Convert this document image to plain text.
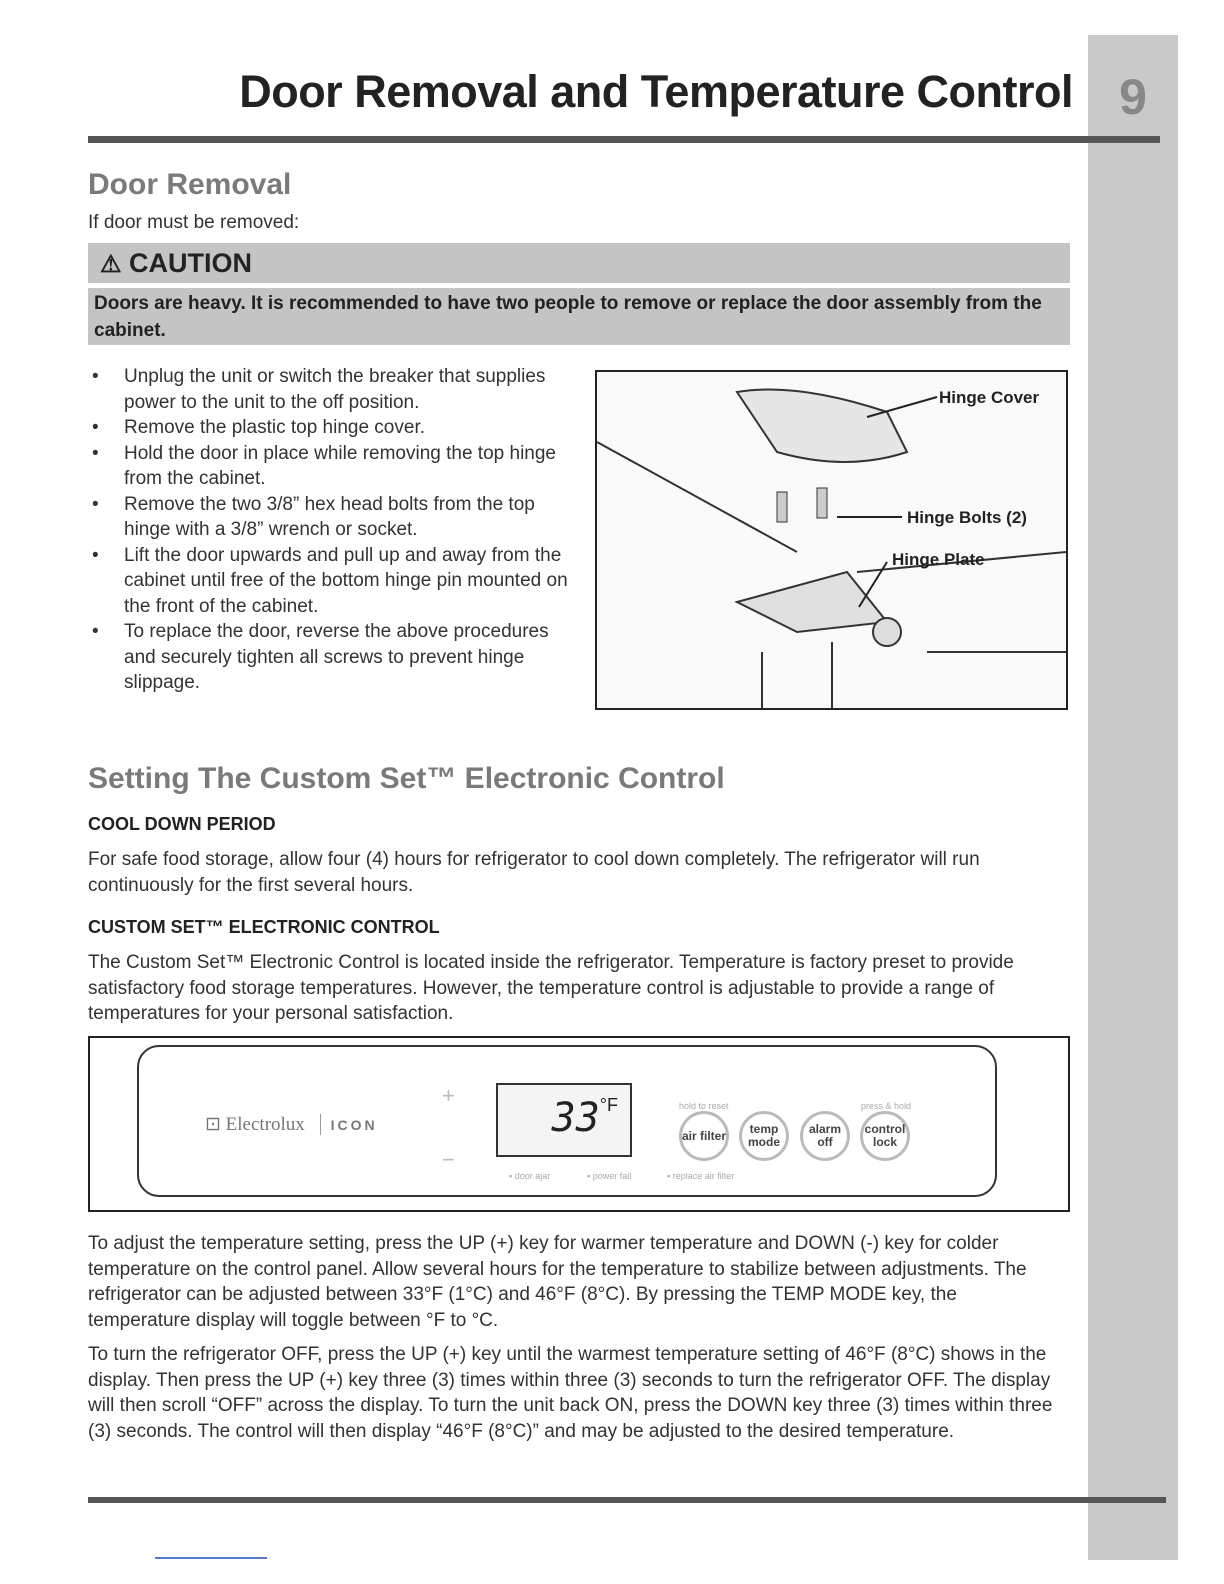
9
Door Removal and Temperature Control
Door Removal
If door must be removed:
⚠ CAUTION
Doors are heavy. It is recommended to have two people to remove or replace the door assembly from the cabinet.
• Unplug the unit or switch the breaker that supplies power to the unit to the off position.
• Remove the plastic top hinge cover.
• Hold the door in place while removing the top hinge from the cabinet.
• Remove the two 3/8” hex head bolts from the top hinge with a 3/8” wrench or socket.
• Lift the door upwards and pull up and away from the cabinet until free of the bottom hinge pin mounted on the front of the cabinet.
• To replace the door, reverse the above procedures and securely tighten all screws to prevent hinge slippage.
Hinge Cover
Hinge Bolts (2)
Hinge Plate
Setting The Custom Set™ Electronic Control
COOL DOWN PERIOD
For safe food storage, allow four (4) hours for refrigerator to cool down completely. The refrigerator will run continuously for the first several hours.
CUSTOM SET™ ELECTRONIC CONTROL
The Custom Set™ Electronic Control is located inside the refrigerator. Temperature is factory preset to provide satisfactory food storage temperatures. However, the temperature control is adjustable to provide a range of temperatures for your personal satisfaction.
⊡ Electrolux ICON
+
−
33°F	hold to reset	press & hold
air filter	temp mode
alarm off
control lock
▪ door ajar	▪ power fail	▪ replace air filter
To adjust the temperature setting, press the UP (+) key for warmer temperature and DOWN (-) key for colder temperature on the control panel. Allow several hours for the temperature to stabilize between adjustments. The refrigerator can be adjusted between 33°F (1°C) and 46°F (8°C). By pressing the TEMP MODE key, the temperature display will toggle between °F to °C.
To turn the refrigerator OFF, press the UP (+) key until the warmest temperature setting of 46°F (8°C) shows in the display. Then press the UP (+) key three (3) times within three (3) seconds to turn the refrigerator OFF. The display will then scroll “OFF” across the display. To turn the unit back ON, press the DOWN key three (3) times within three (3) seconds. The control will then display “46°F (8°C)” and may be adjusted to the desired temperature.
